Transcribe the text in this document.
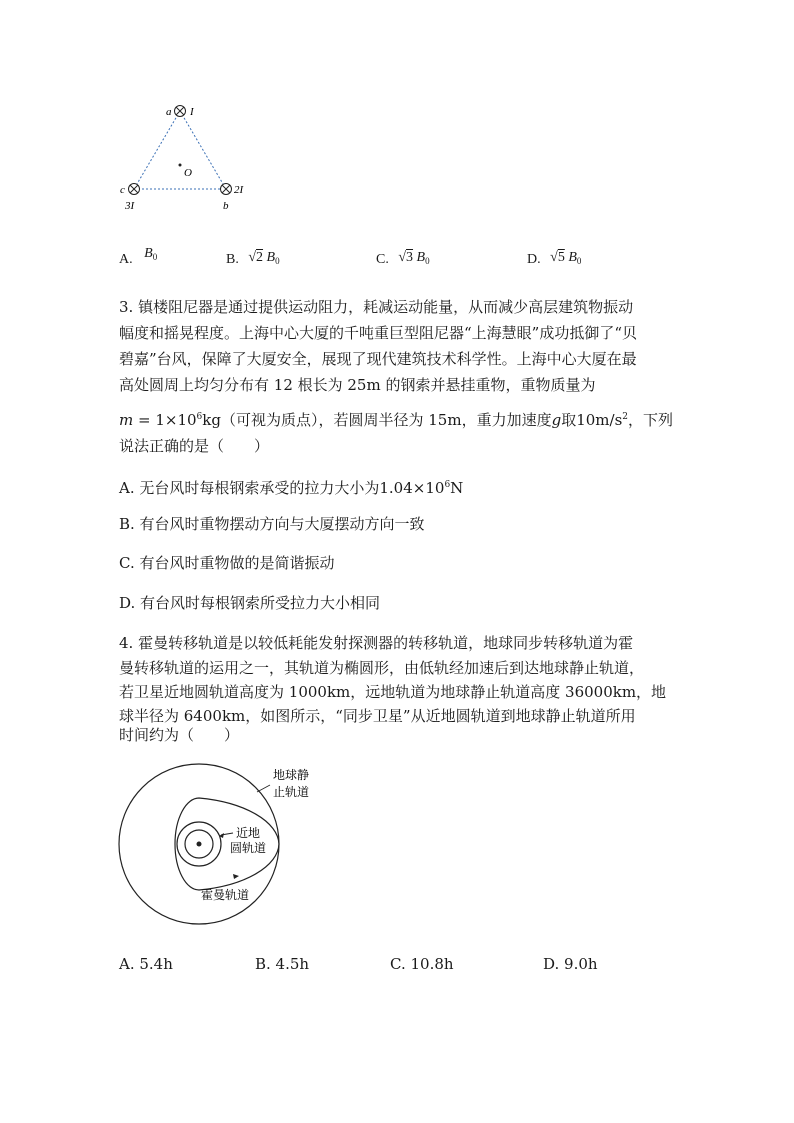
a I
O
c
3I
2I
b
A. $B^0$	B. √2 $B_0$	C. √3 $B_0$	D. √5 $B_0$
3. 镇楼阻尼器是通过提供运动阻力，耗减运动能量，从而减少高层建筑物振动
幅度和摇晃程度。上海中心大厦的千吨重巨型阻尼器“上海慧眼”成功抵御了“贝
碧嘉”台风，保障了大厦安全，展现了现代建筑技术科学性。上海中心大厦在最
高处圆周上均匀分布有 12 根长为 25m 的钢索并悬挂重物，重物质量为
$m = 1\times 10^6kg$（可视为质点），若圆周半径为 15m，重力加速度g取$10m/s^2$，下列
说法正确的是（　　）
A. 无台风时每根钢索承受的拉力大小为$1.04\times 10^6N$
B. 有台风时重物摆动方向与大厦摆动方向一致
C. 有台风时重物做的是简谐振动
D. 有台风时每根钢索所受拉力大小相同
4. 霍曼转移轨道是以较低耗能发射探测器的转移轨道，地球同步转移轨道为霍
曼转移轨道的运用之一，其轨道为椭圆形，由低轨经加速后到达地球静止轨道，
若卫星近地圆轨道高度为 1000km，远地轨道为地球静止轨道高度 36000km，地
球半径为 6400km，如图所示，“同步卫星”从近地圆轨道到地球静止轨道所用
时间约为（　　）
地球静
止轨道
近地
圆轨道
霍曼轨道
A. 5.4h	B. 4.5h	C. 10.8h	D. 9.0h
